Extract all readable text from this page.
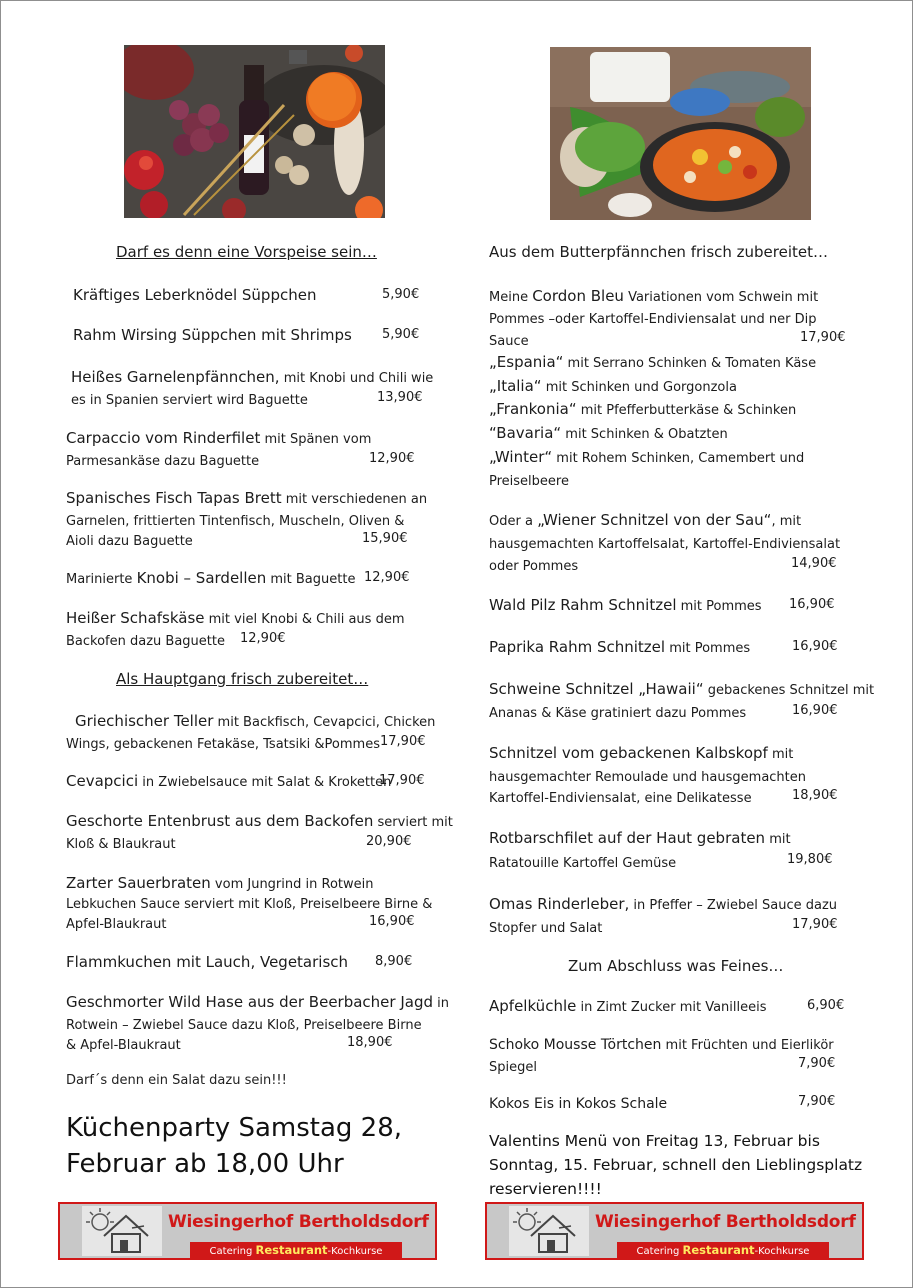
Darf es denn eine Vorspeise sein…
Kräftiges Leberknödel Süppchen	5,90€
Rahm Wirsing Süppchen mit Shrimps 5,90€
Heißes Garnelenpfännchen, mit Knobi und Chili wie
es in Spanien serviert wird Baguette	13,90€
Carpaccio vom Rinderfilet mit Spänen vom
Parmesankäse dazu Baguette	12,90€
Spanisches Fisch Tapas Brett mit verschiedenen an
Garnelen, frittierten Tintenfisch, Muscheln, Oliven &
Aioli dazu Baguette	15,90€
Marinierte Knobi – Sardellen mit Baguette 12,90€
Heißer Schafskäse mit viel Knobi & Chili aus dem
Backofen dazu Baguette 12,90€
Als Hauptgang frisch zubereitet…
Griechischer Teller mit Backfisch, Cevapcici, Chicken
Wings, gebackenen Fetakäse, Tsatsiki &Pommes 17,90€
Cevapcici in Zwiebelsauce mit Salat & Kroketten
17,90€
Geschorte Entenbrust aus dem Backofen serviert mit
Kloß & Blaukraut	20,90€
Zarter Sauerbraten vom Jungrind in Rotwein
Lebkuchen Sauce serviert mit Kloß, Preiselbeere Birne &
Apfel-Blaukraut	16,90€
Flammkuchen mit Lauch, Vegetarisch 8,90€
Geschmorter Wild Hase aus der Beerbacher Jagd in
Rotwein – Zwiebel Sauce dazu Kloß, Preiselbeere Birne
& Apfel-Blaukraut	18,90€
Darf´s denn ein Salat dazu sein!!!
Küchenparty Samstag 28,
Februar ab 18,00 Uhr
Aus dem Butterpfännchen frisch zubereitet…
Meine Cordon Bleu Variationen vom Schwein mit
Pommes –oder Kartoffel-Endiviensalat und ner Dip
Sauce	17,90€
„Espania“ mit Serrano Schinken & Tomaten Käse
„Italia“ mit Schinken und Gorgonzola
„Frankonia“ mit Pfefferbutterkäse & Schinken
“Bavaria“ mit Schinken & Obatzten
„Winter“ mit Rohem Schinken, Camembert und
Preiselbeere
Oder a „Wiener Schnitzel von der Sau“, mit
hausgemachten Kartoffelsalat, Kartoffel-Endiviensalat
oder Pommes	14,90€
Wald Pilz Rahm Schnitzel mit Pommes 16,90€
Paprika Rahm Schnitzel mit Pommes	16,90€
Schweine Schnitzel „Hawaii“ gebackenes Schnitzel mit
Ananas & Käse gratiniert dazu Pommes	16,90€
Schnitzel vom gebackenen Kalbskopf mit
hausgemachter Remoulade und hausgemachten
Kartoffel-Endiviensalat, eine Delikatesse	18,90€
Rotbarschfilet auf der Haut gebraten mit
Ratatouille Kartoffel Gemüse	19,80€
Omas Rinderleber, in Pfeffer – Zwiebel Sauce dazu
Stopfer und Salat	17,90€
Zum Abschluss was Feines…
Apfelküchle in Zimt Zucker mit Vanilleeis	6,90€
Schoko Mousse Törtchen mit Früchten und Eierlikör
Spiegel	7,90€
Kokos Eis in Kokos Schale	7,90€
Valentins Menü von Freitag 13, Februar bis
Sonntag, 15. Februar, schnell den Lieblingsplatz
reservieren!!!!
Wiesingerhof Bertholdsdorf
Catering Restaurant-Kochkurse
Wiesingerhof Bertholdsdorf
Catering Restaurant-Kochkurse
